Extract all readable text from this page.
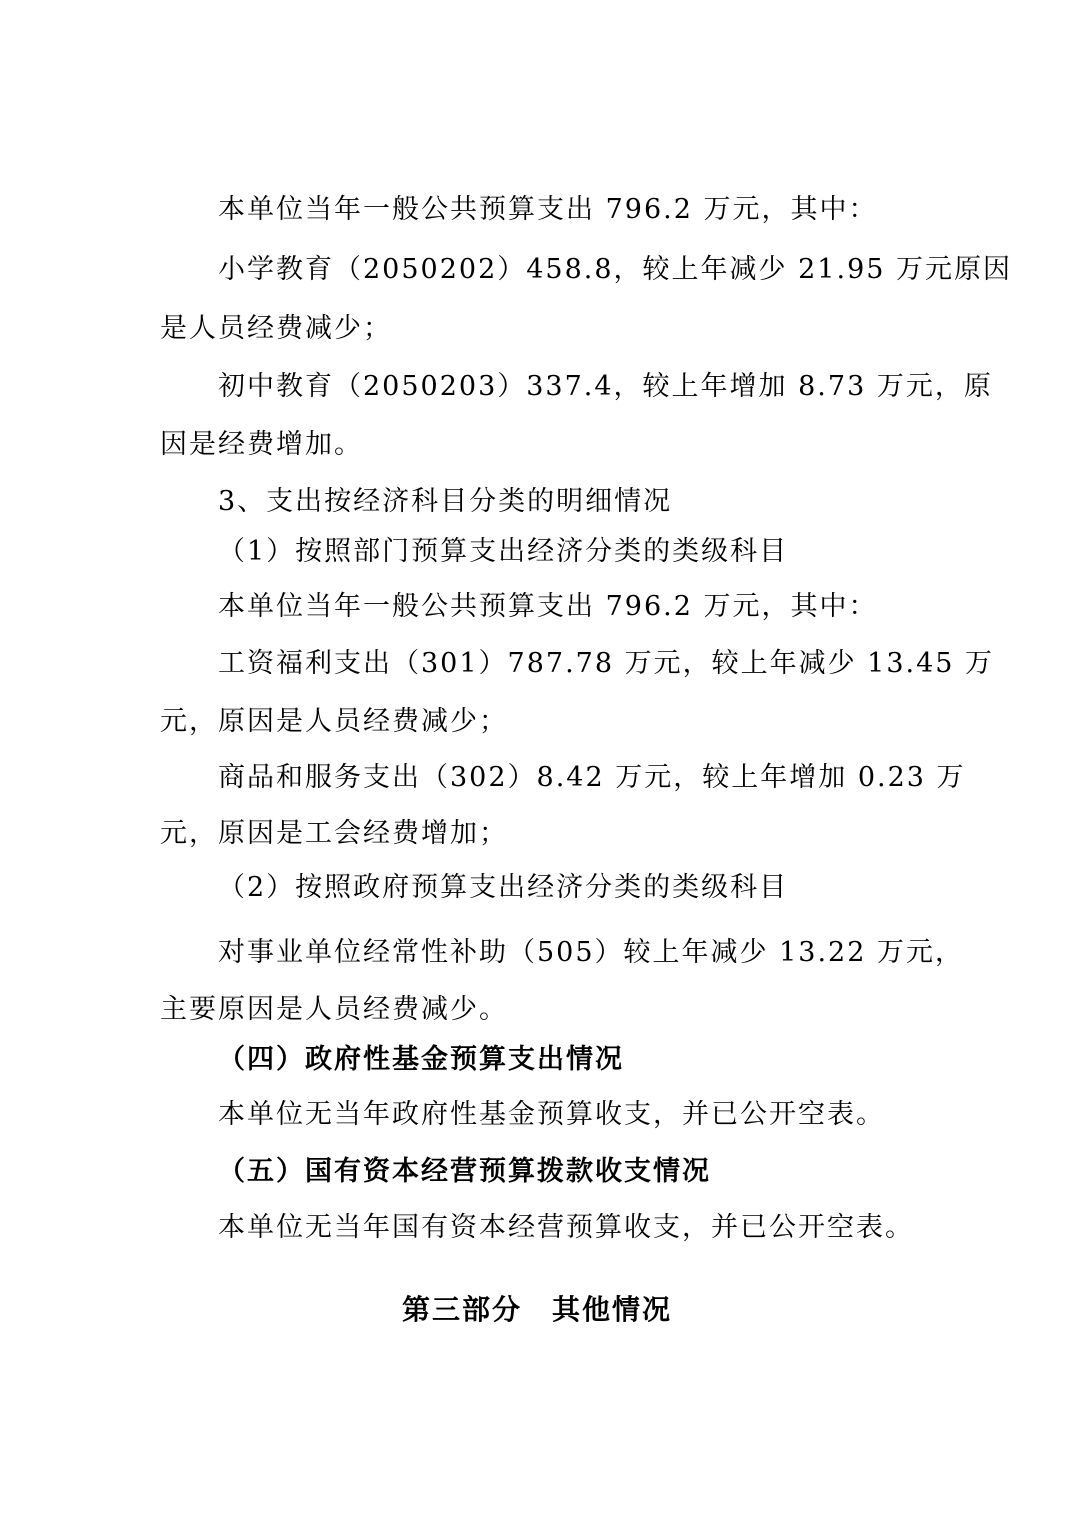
本单位当年一般公共预算支出 796.2 万元，其中：
小学教育（2050202）458.8，较上年减少 21.95 万元原因
是人员经费减少；
初中教育（2050203）337.4，较上年增加 8.73 万元，原
因是经费增加。
3、支出按经济科目分类的明细情况
（1）按照部门预算支出经济分类的类级科目
本单位当年一般公共预算支出 796.2 万元，其中：
工资福利支出（301）787.78 万元，较上年减少 13.45 万
元，原因是人员经费减少；
商品和服务支出（302）8.42 万元，较上年增加 0.23 万
元，原因是工会经费增加；
（2）按照政府预算支出经济分类的类级科目
对事业单位经常性补助（505）较上年减少 13.22 万元，
主要原因是人员经费减少。
（四）政府性基金预算支出情况
本单位无当年政府性基金预算收支，并已公开空表。
（五）国有资本经营预算拨款收支情况
本单位无当年国有资本经营预算收支，并已公开空表。
第三部分　其他情况
